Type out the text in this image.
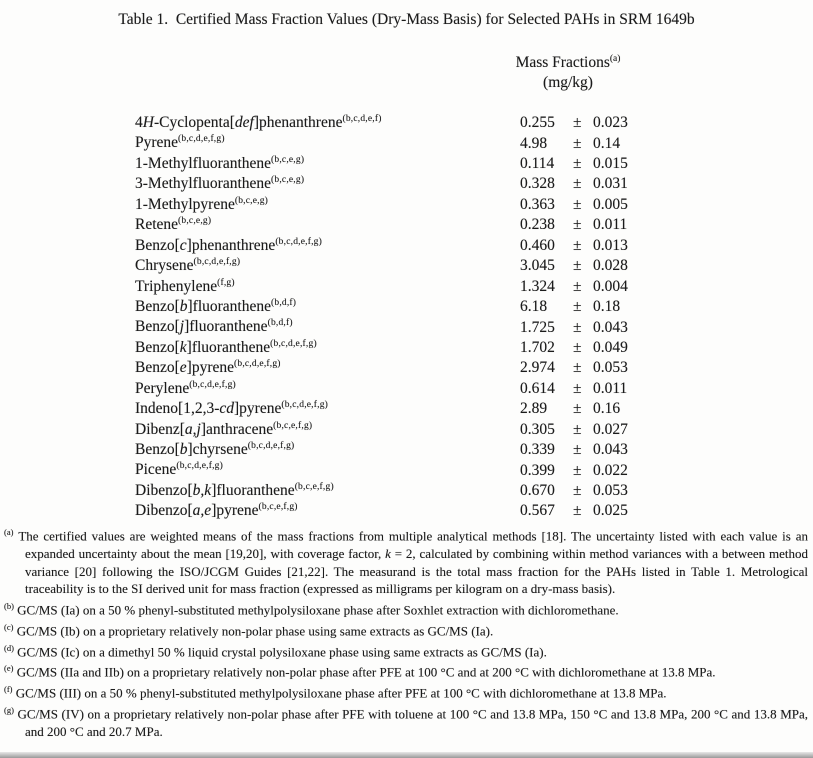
Table 1.  Certified Mass Fraction Values (Dry-Mass Basis) for Selected PAHs in SRM 1649b
Mass Fractions$^{(a)}$
(mg/kg)
4H-Cyclopenta[def]phenanthrene$^{(b,c,d,e,f)}$	0.255	± 0.023
Pyrene$^{(b,c,d,e,f,g)}$	4.98	± 0.14
1-Methylfluoranthene$^{(b,c,e,g)}$	0.114	± 0.015
3-Methylfluoranthene$^{(b,c,e,g)}$	0.328	± 0.031
1-Methylpyrene$^{(b,c,e,g)}$	0.363	± 0.005
Retene$^{(b,c,e,g)}$	0.238	± 0.011
Benzo[c]phenanthrene$^{(b,c,d,e,f,g)}$	0.460	± 0.013
Chrysene$^{(b,c,d,e,f,g)}$	3.045	± 0.028
Triphenylene$^{(f,g)}$	1.324	± 0.004
Benzo[b]fluoranthene$^{(b,d,f)}$	6.18	± 0.18
Benzo[j]fluoranthene$^{(b,d,f)}$	1.725	± 0.043
Benzo[k]fluoranthene$^{(b,c,d,e,f,g)}$	1.702	± 0.049
Benzo[e]pyrene$^{(b,c,d,e,f,g)}$	2.974	± 0.053
Perylene$^{(b,c,d,e,f,g)}$	0.614	± 0.011
Indeno[1,2,3-cd]pyrene$^{(b,c,d,e,f,g)}$	2.89	± 0.16
Dibenz[a,j]anthracene$^{(b,c,e,f,g)}$	0.305	± 0.027
Benzo[b]chyrsene$^{(b,c,d,e,f,g)}$	0.339	± 0.043
Picene$^{(b,c,d,e,f,g)}$	0.399	± 0.022
Dibenzo[b,k]fluoranthene$^{(b,c,e,f,g)}$	0.670	± 0.053
Dibenzo[a,e]pyrene$^{(b,c,e,f,g)}$	0.567	± 0.025
$^{(a)}$ The certified values are weighted means of the mass fractions from multiple analytical methods [18]. The uncertainty listed with each value is an expanded uncertainty about the mean [19,20], with coverage factor, k = 2, calculated by combining within method variances with a between method variance [20] following the ISO/JCGM Guides [21,22]. The measurand is the total mass fraction for the PAHs listed in Table 1. Metrological traceability is to the SI derived unit for mass fraction (expressed as milligrams per kilogram on a dry-mass basis).
$^{(b)}$ GC/MS (Ia) on a 50 % phenyl-substituted methylpolysiloxane phase after Soxhlet extraction with dichloromethane.
$^{(c)}$ GC/MS (Ib) on a proprietary relatively non-polar phase using same extracts as GC/MS (Ia).
$^{(d)}$ GC/MS (Ic) on a dimethyl 50 % liquid crystal polysiloxane phase using same extracts as GC/MS (Ia).
$^{(e)}$ GC/MS (IIa and IIb) on a proprietary relatively non-polar phase after PFE at 100 °C and at 200 °C with dichloromethane at 13.8 MPa.
$^{(f)}$ GC/MS (III) on a 50 % phenyl-substituted methylpolysiloxane phase after PFE at 100 °C with dichloromethane at 13.8 MPa.
$^{(g)}$ GC/MS (IV) on a proprietary relatively non-polar phase after PFE with toluene at 100 °C and 13.8 MPa, 150 °C and 13.8 MPa, 200 °C and 13.8 MPa, and 200 °C and 20.7 MPa.
